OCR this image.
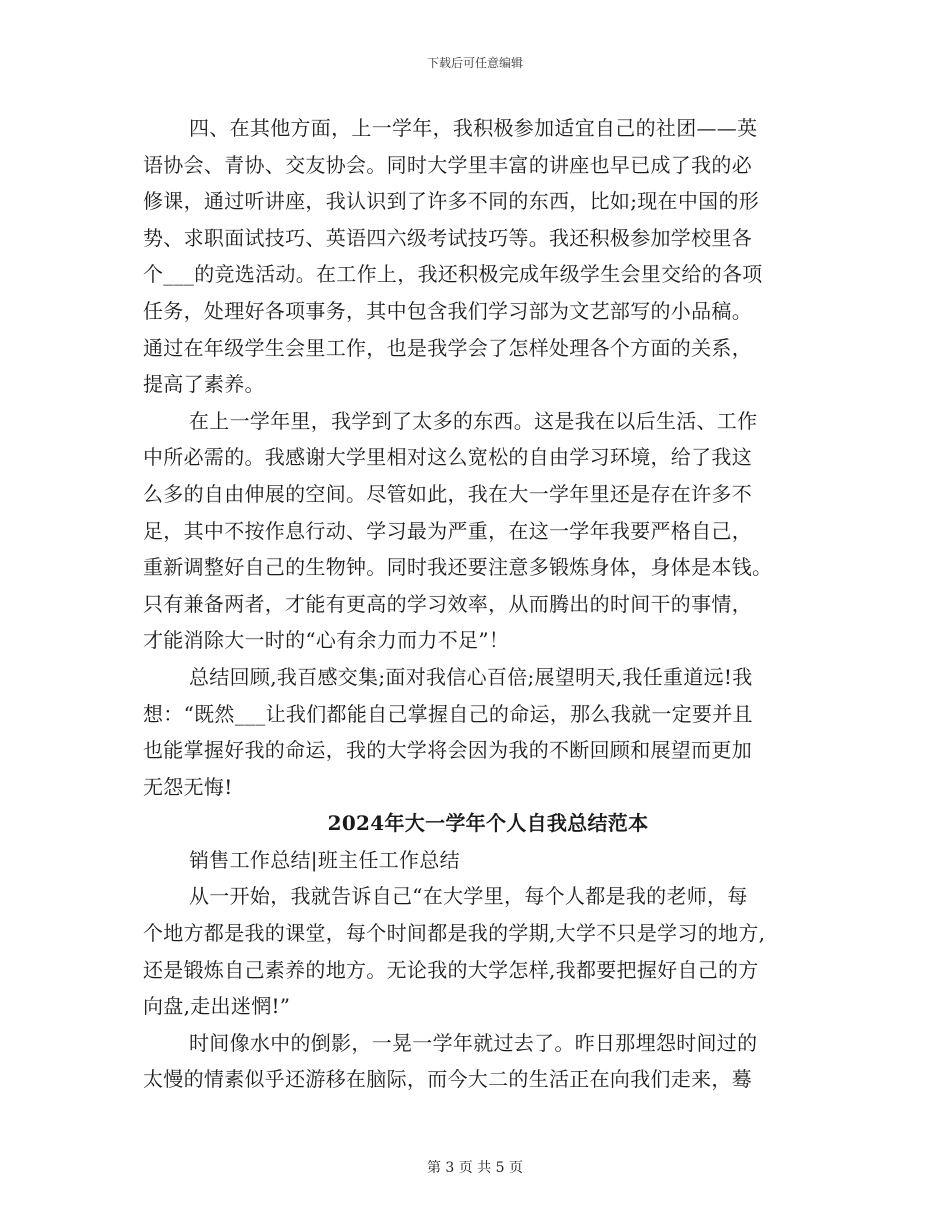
下载后可任意编辑
四、在其他方面，上一学年，我积极参加适宜自己的社团——英
语协会、青协、交友协会。同时大学里丰富的讲座也早已成了我的必
修课，通过听讲座，我认识到了许多不同的东西，比如;现在中国的形
势、求职面试技巧、英语四六级考试技巧等。我还积极参加学校里各
个___的竞选活动。在工作上，我还积极完成年级学生会里交给的各项
任务，处理好各项事务，其中包含我们学习部为文艺部写的小品稿。
通过在年级学生会里工作，也是我学会了怎样处理各个方面的关系，
提高了素养。
在上一学年里，我学到了太多的东西。这是我在以后生活、工作
中所必需的。我感谢大学里相对这么宽松的自由学习环境，给了我这
么多的自由伸展的空间。尽管如此，我在大一学年里还是存在许多不
足，其中不按作息行动、学习最为严重，在这一学年我要严格自己，
重新调整好自己的生物钟。同时我还要注意多锻炼身体，身体是本钱。
只有兼备两者，才能有更高的学习效率，从而腾出的时间干的事情，
才能消除大一时的“心有余力而力不足”！
总结回顾,我百感交集;面对我信心百倍;展望明天,我任重道远!我
想：“既然___让我们都能自己掌握自己的命运，那么我就一定要并且
也能掌握好我的命运，我的大学将会因为我的不断回顾和展望而更加
无怨无悔!
2024年大一学年个人自我总结范本
销售工作总结|班主任工作总结
从一开始，我就告诉自己“在大学里，每个人都是我的老师，每
个地方都是我的课堂，每个时间都是我的学期,大学不只是学习的地方,
还是锻炼自己素养的地方。无论我的大学怎样,我都要把握好自己的方
向盘,走出迷惘!”
时间像水中的倒影，一晃一学年就过去了。昨日那埋怨时间过的
太慢的情素似乎还游移在脑际，而今大二的生活正在向我们走来，蓦
第 3 页 共 5 页
